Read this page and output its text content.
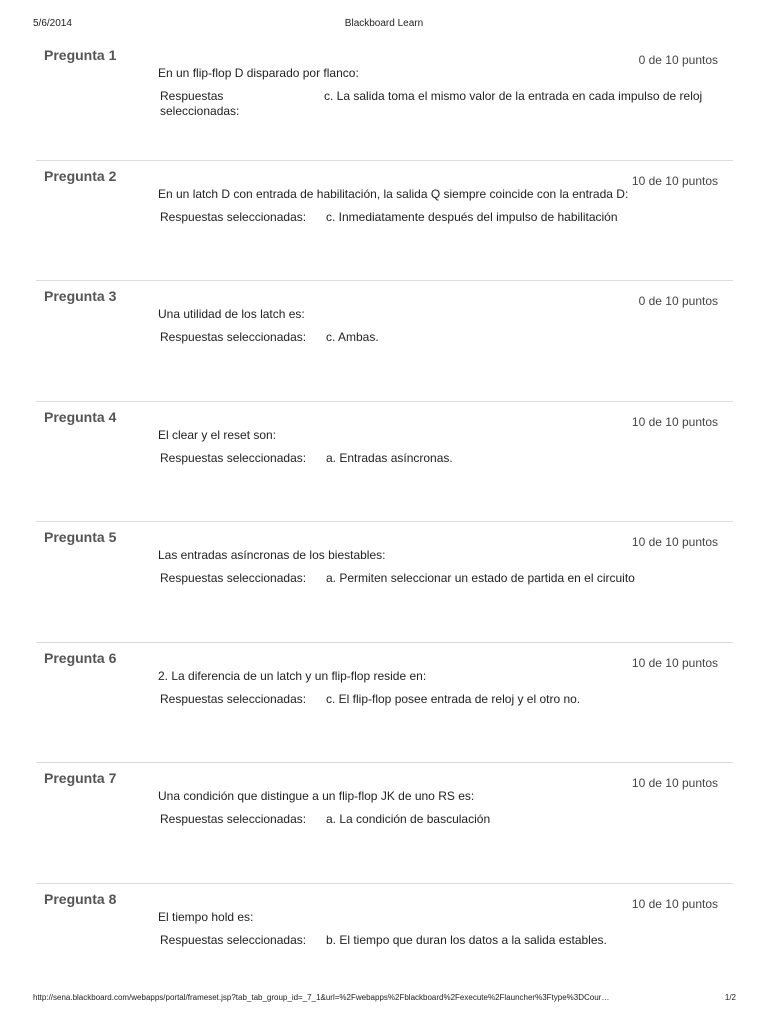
5/6/2014	Blackboard Learn
Pregunta 1	0 de 10 puntos
En un flip-flop D disparado por flanco:
Respuestas seleccionadas:
c. La salida toma el mismo valor de la entrada en cada impulso de reloj
Pregunta 2	10 de 10 puntos
En un latch D con entrada de habilitación, la salida Q siempre coincide con la entrada D:
Respuestas seleccionadas:	c. Inmediatamente después del impulso de habilitación
Pregunta 3	0 de 10 puntos
Una utilidad de los latch es:
Respuestas seleccionadas:	c. Ambas.
Pregunta 4	10 de 10 puntos
El clear y el reset son:
Respuestas seleccionadas:	a. Entradas asíncronas.
Pregunta 5	10 de 10 puntos
Las entradas asíncronas de los biestables:
Respuestas seleccionadas:	a. Permiten seleccionar un estado de partida en el circuito
Pregunta 6	10 de 10 puntos
2. La diferencia de un latch y un flip-flop reside en:
Respuestas seleccionadas:	c. El flip-flop posee entrada de reloj y el otro no.
Pregunta 7	10 de 10 puntos
Una condición que distingue a un flip-flop JK de uno RS es:
Respuestas seleccionadas:	a. La condición de basculación
Pregunta 8	10 de 10 puntos
El tiempo hold es:
Respuestas seleccionadas:	b. El tiempo que duran los datos a la salida estables.
http://sena.blackboard.com/webapps/portal/frameset.jsp?tab_tab_group_id=_7_1&url=%2Fwebapps%2Fblackboard%2Fexecute%2Flauncher%3Ftype%3DCour…	1/2
